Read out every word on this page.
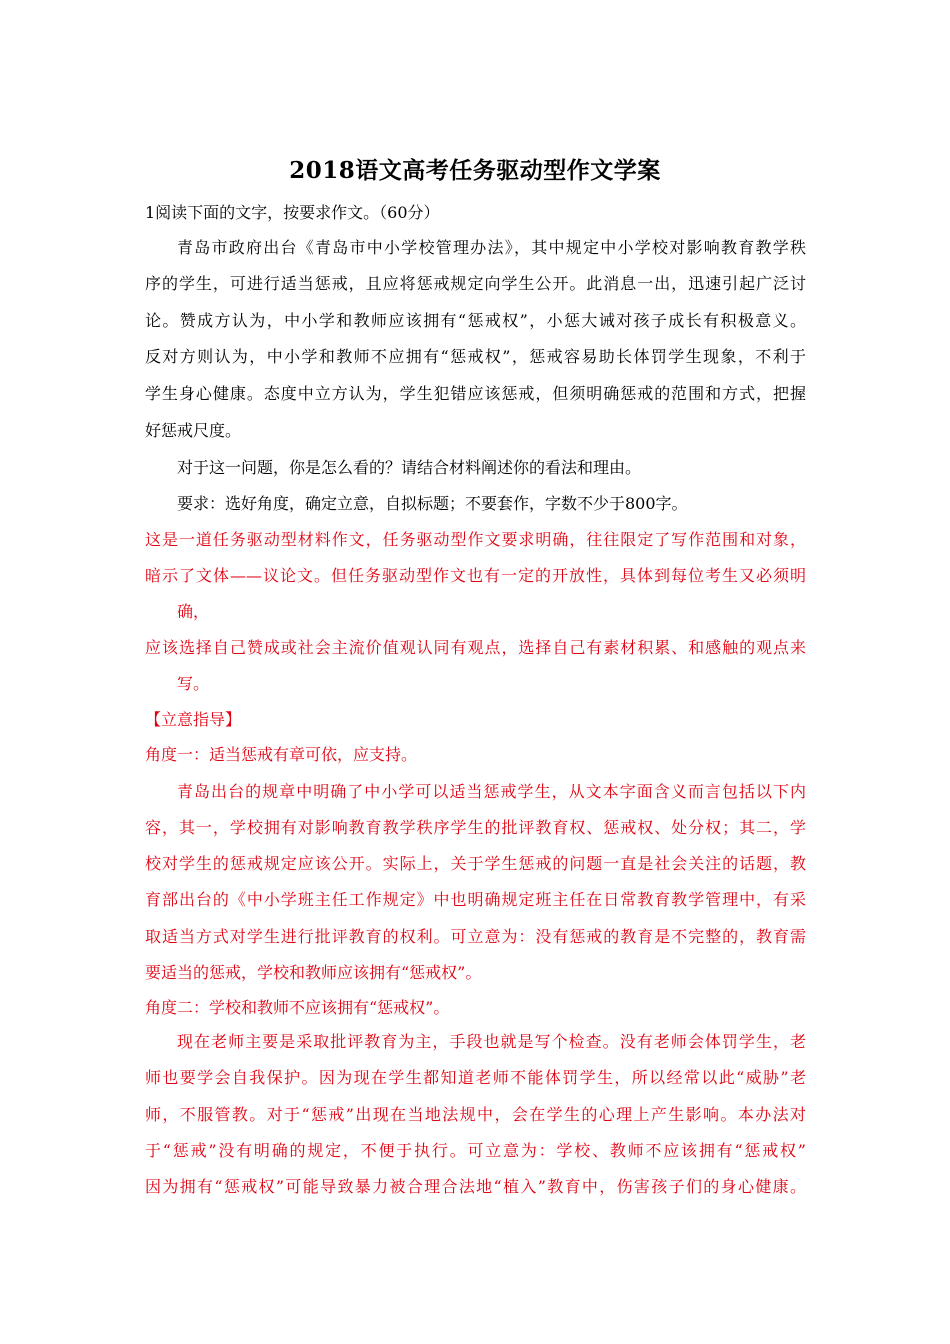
2018语文高考任务驱动型作文学案
1阅读下面的文字，按要求作文。（60分）
青岛市政府出台《青岛市中小学校管理办法》，其中规定中小学校对影响教育教学秩
序的学生，可进行适当惩戒，且应将惩戒规定向学生公开。此消息一出，迅速引起广泛讨
论。赞成方认为，中小学和教师应该拥有“惩戒权”，小惩大诫对孩子成长有积极意义。
反对方则认为，中小学和教师不应拥有“惩戒权”，惩戒容易助长体罚学生现象，不利于
学生身心健康。态度中立方认为，学生犯错应该惩戒，但须明确惩戒的范围和方式，把握
好惩戒尺度。
对于这一问题，你是怎么看的？请结合材料阐述你的看法和理由。
要求：选好角度，确定立意，自拟标题；不要套作，字数不少于800字。
这是一道任务驱动型材料作文，任务驱动型作文要求明确，往往限定了写作范围和对象，
暗示了文体——议论文。但任务驱动型作文也有一定的开放性，具体到每位考生又必须明
确，
应该选择自己赞成或社会主流价值观认同有观点，选择自己有素材积累、和感触的观点来
写。
【立意指导】
角度一：适当惩戒有章可依，应支持。
青岛出台的规章中明确了中小学可以适当惩戒学生，从文本字面含义而言包括以下内
容，其一，学校拥有对影响教育教学秩序学生的批评教育权、惩戒权、处分权；其二，学
校对学生的惩戒规定应该公开。实际上，关于学生惩戒的问题一直是社会关注的话题，教
育部出台的《中小学班主任工作规定》中也明确规定班主任在日常教育教学管理中，有采
取适当方式对学生进行批评教育的权利。可立意为：没有惩戒的教育是不完整的，教育需
要适当的惩戒，学校和教师应该拥有“惩戒权”。
角度二：学校和教师不应该拥有“惩戒权”。
现在老师主要是采取批评教育为主，手段也就是写个检查。没有老师会体罚学生，老
师也要学会自我保护。因为现在学生都知道老师不能体罚学生，所以经常以此“威胁”老
师，不服管教。对于“惩戒”出现在当地法规中，会在学生的心理上产生影响。本办法对
于“惩戒”没有明确的规定，不便于执行。可立意为：学校、教师不应该拥有“惩戒权”
因为拥有“惩戒权”可能导致暴力被合理合法地“植入”教育中，伤害孩子们的身心健康。
